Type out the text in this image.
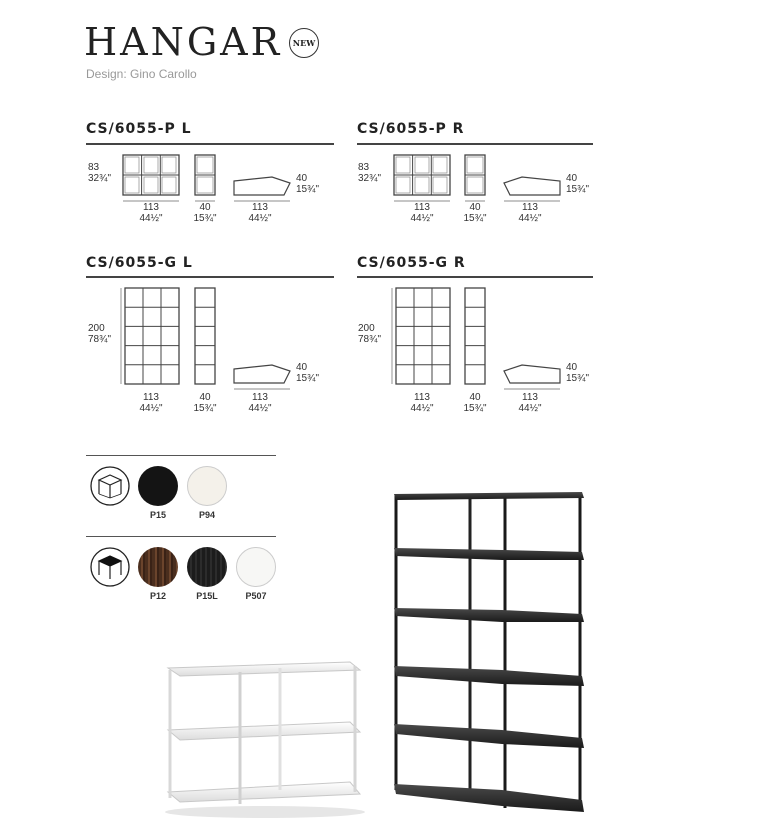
HANGAR	NEW
Design: Gino Carollo
CS/6055-P L
83
32¾"
113
44½"
40
15¾"
113
44½"
40
15¾"
CS/6055-P R
83
32¾"
113
44½"
40
15¾"
113
44½"
40
15¾"
CS/6055-G L
200
78¾"
113
44½"
40
15¾"
113
44½"
40
15¾"
CS/6055-G R
200
78¾"
113
44½"
40
15¾"
113
44½"
40
15¾"
P15	P94
P12	P15L	P507
